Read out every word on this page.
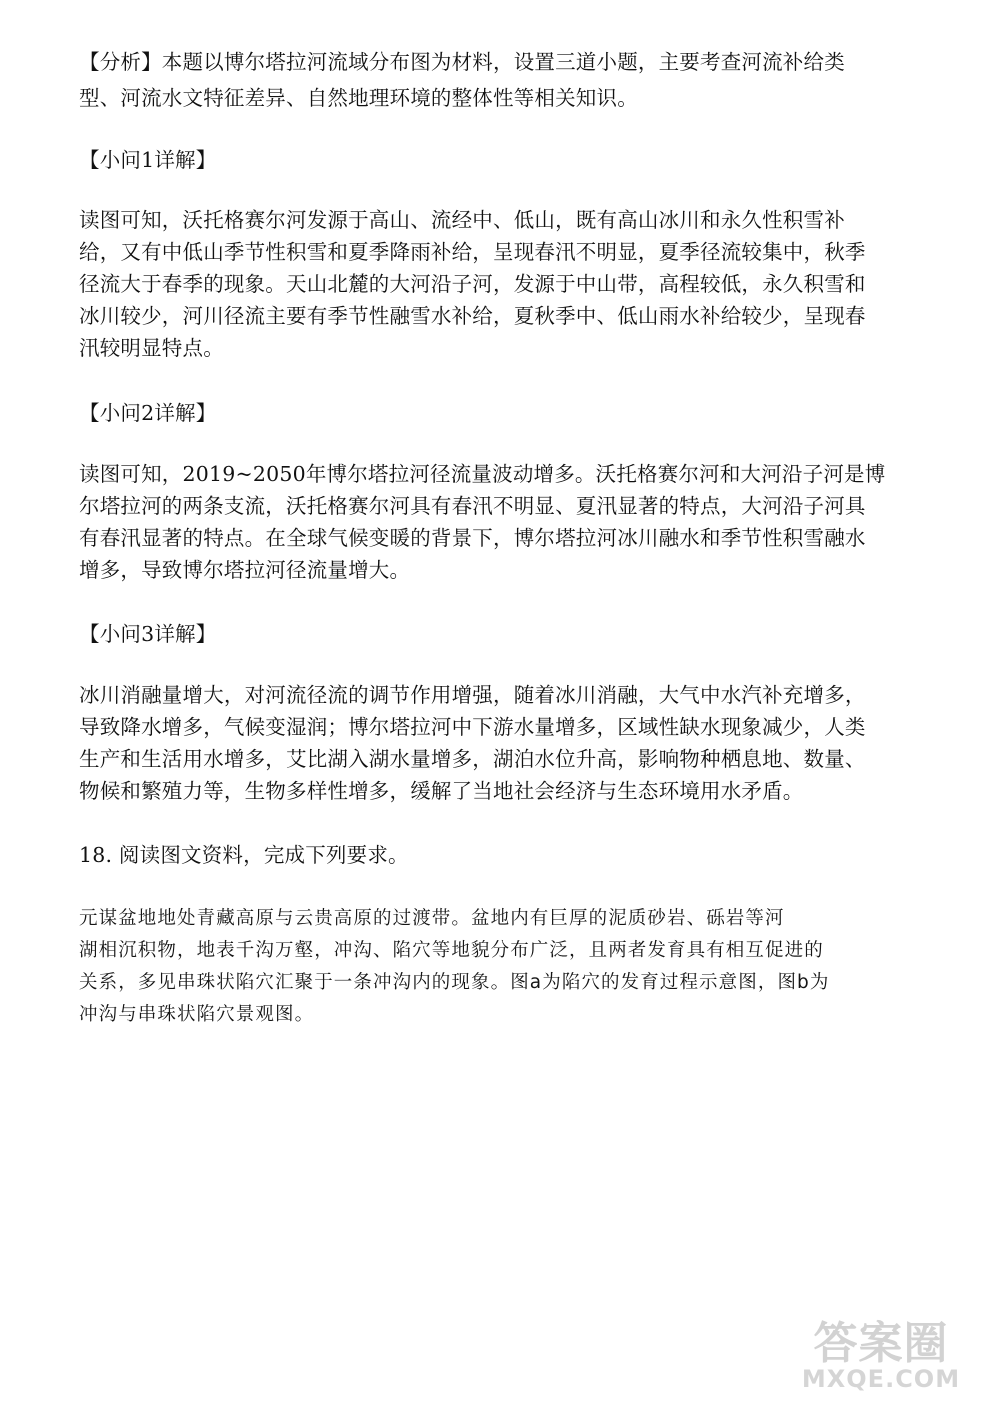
【分析】本题以博尔塔拉河流域分布图为材料，设置三道小题，主要考查河流补给类
型、河流水文特征差异、自然地理环境的整体性等相关知识。
【小问1详解】
读图可知，沃托格赛尔河发源于高山、流经中、低山，既有高山冰川和永久性积雪补
给，又有中低山季节性积雪和夏季降雨补给，呈现春汛不明显，夏季径流较集中，秋季
径流大于春季的现象。天山北麓的大河沿子河，发源于中山带，高程较低，永久积雪和
冰川较少，河川径流主要有季节性融雪水补给，夏秋季中、低山雨水补给较少，呈现春
汛较明显特点。
【小问2详解】
读图可知，2019~2050年博尔塔拉河径流量波动增多。沃托格赛尔河和大河沿子河是博
尔塔拉河的两条支流，沃托格赛尔河具有春汛不明显、夏汛显著的特点，大河沿子河具
有春汛显著的特点。在全球气候变暖的背景下，博尔塔拉河冰川融水和季节性积雪融水
增多，导致博尔塔拉河径流量增大。
【小问3详解】
冰川消融量增大，对河流径流的调节作用增强，随着冰川消融，大气中水汽补充增多，
导致降水增多，气候变湿润；博尔塔拉河中下游水量增多，区域性缺水现象减少，人类
生产和生活用水增多，艾比湖入湖水量增多，湖泊水位升高，影响物种栖息地、数量、
物候和繁殖力等，生物多样性增多，缓解了当地社会经济与生态环境用水矛盾。
18. 阅读图文资料，完成下列要求。
元谋盆地地处青藏高原与云贵高原的过渡带。盆地内有巨厚的泥质砂岩、砾岩等河
湖相沉积物，地表千沟万壑，冲沟、陷穴等地貌分布广泛，且两者发育具有相互促进的
关系，多见串珠状陷穴汇聚于一条冲沟内的现象。图a为陷穴的发育过程示意图，图b为
冲沟与串珠状陷穴景观图。
答案圈
MXQE.COM
